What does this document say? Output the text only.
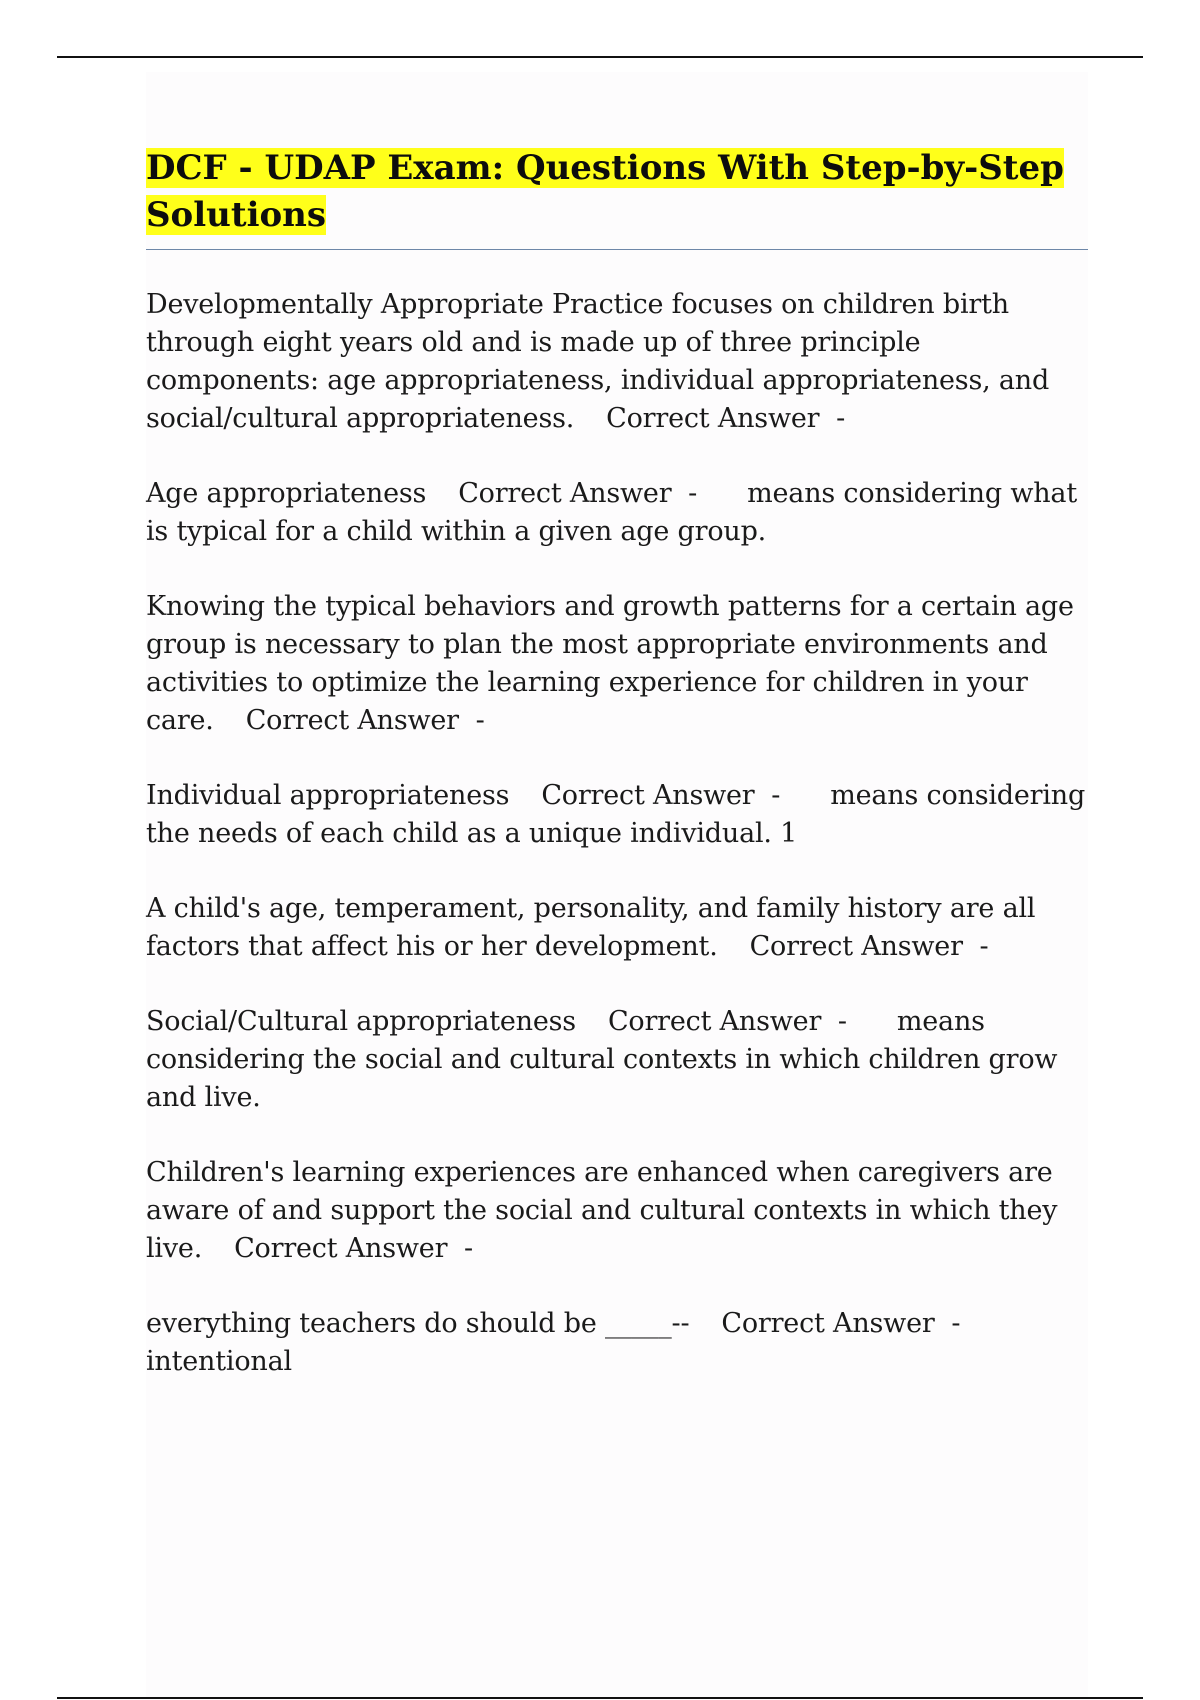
DCF - UDAP Exam: Questions With Step-by-Step Solutions

Developmentally Appropriate Practice focuses on children birth through eight years old and is made up of three principle components: age appropriateness, individual appropriateness, and social/cultural appropriateness. Correct Answer  -

Age appropriateness Correct Answer  - means considering what is typical for a child within a given age group.

Knowing the typical behaviors and growth patterns for a certain age group is necessary to plan the most appropriate environments and activities to optimize the learning experience for children in your care. Correct Answer  -

Individual appropriateness Correct Answer  - means considering the needs of each child as a unique individual. 1

A child's age, temperament, personality, and family history are all factors that affect his or her development. Correct Answer  -

Social/Cultural appropriateness Correct Answer  - means considering the social and cultural contexts in which children grow and live.

Children's learning experiences are enhanced when caregivers are aware of and support the social and cultural contexts in which they live. Correct Answer  -

everything teachers do should be _____-- Correct Answer  - intentional
